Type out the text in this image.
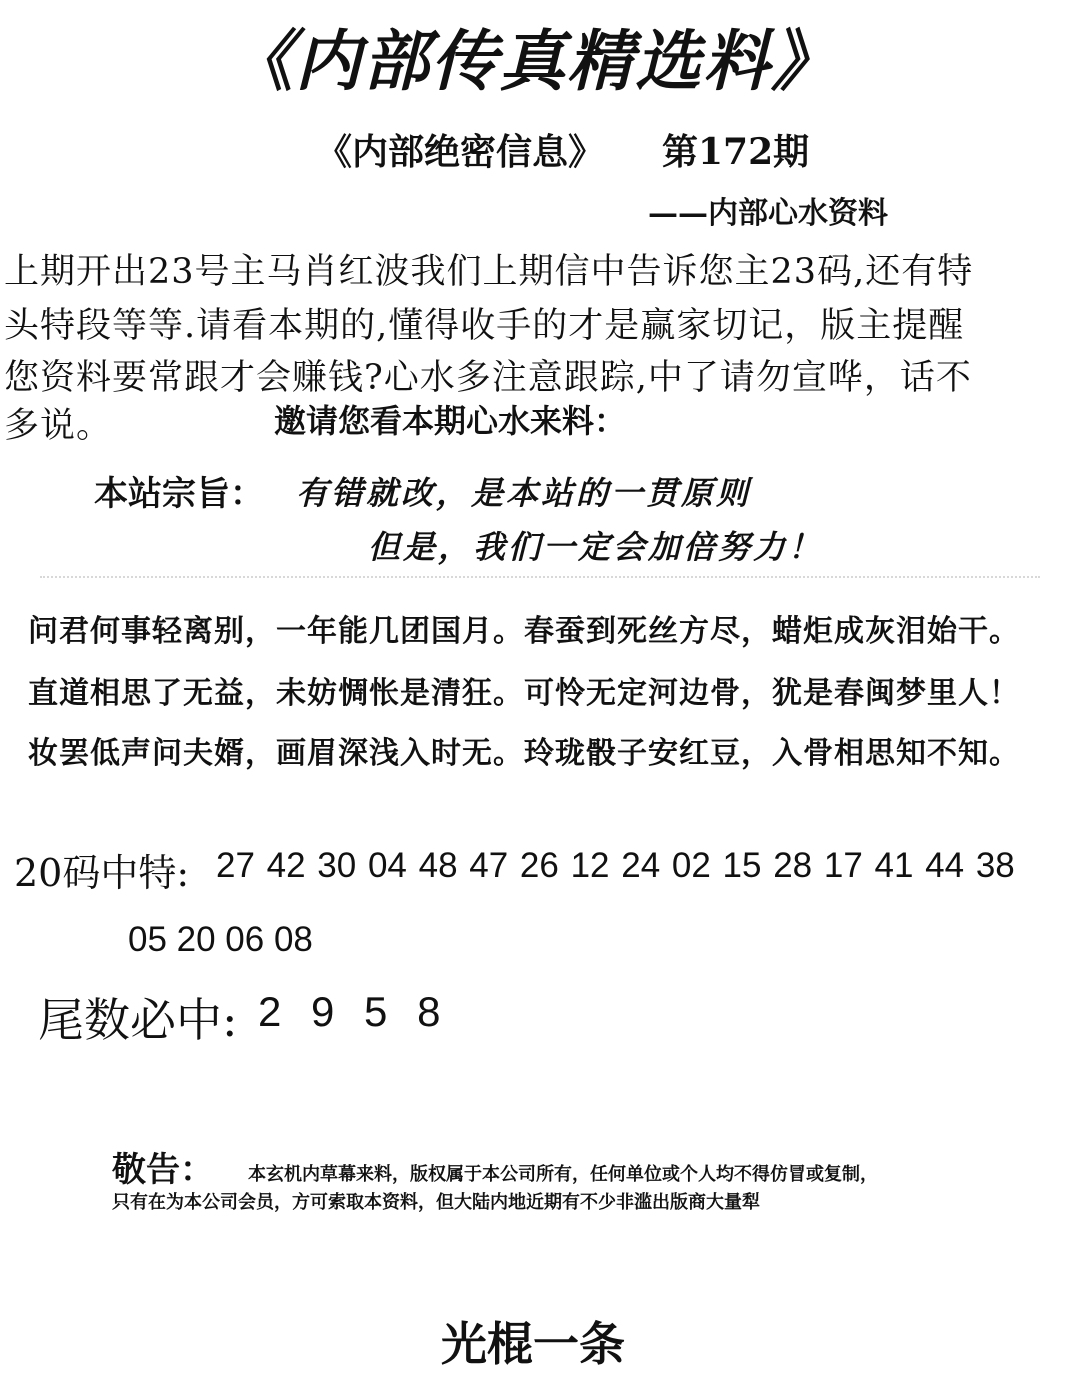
《内部传真精选料》
《内部绝密信息》 第172期
——内部心水资料
上期开出23号主马肖红波我们上期信中告诉您主23码,还有特
头特段等等.请看本期的,懂得收手的才是赢家切记，版主提醒
您资料要常跟才会赚钱?心水多注意跟踪,中了请勿宣哗，话不
多说。	邀请您看本期心水来料：
本站宗旨： 有错就改，是本站的一贯原则
但是，我们一定会加倍努力！
问君何事轻离别，一年能几团国月。春蚕到死丝方尽，蜡炬成灰泪始干。
直道相思了无益，未妨惆怅是清狂。可怜无定河边骨，犹是春闽梦里人！
妆罢低声问夫婿，画眉深浅入时无。玲珑骰子安红豆，入骨相思知不知。
20码中特: 27 42 30 04 48 47 26 12 24 02 15 28 17 41 44 38
05 20 06 08
尾数必中: 2 9 5 8
敬告： 本玄机内草幕来料，版权属于本公司所有，任何单位或个人均不得仿冒或复制，
只有在为本公司会员，方可索取本资料，但大陆内地近期有不少非滥出版商大量犁
光棍一条
